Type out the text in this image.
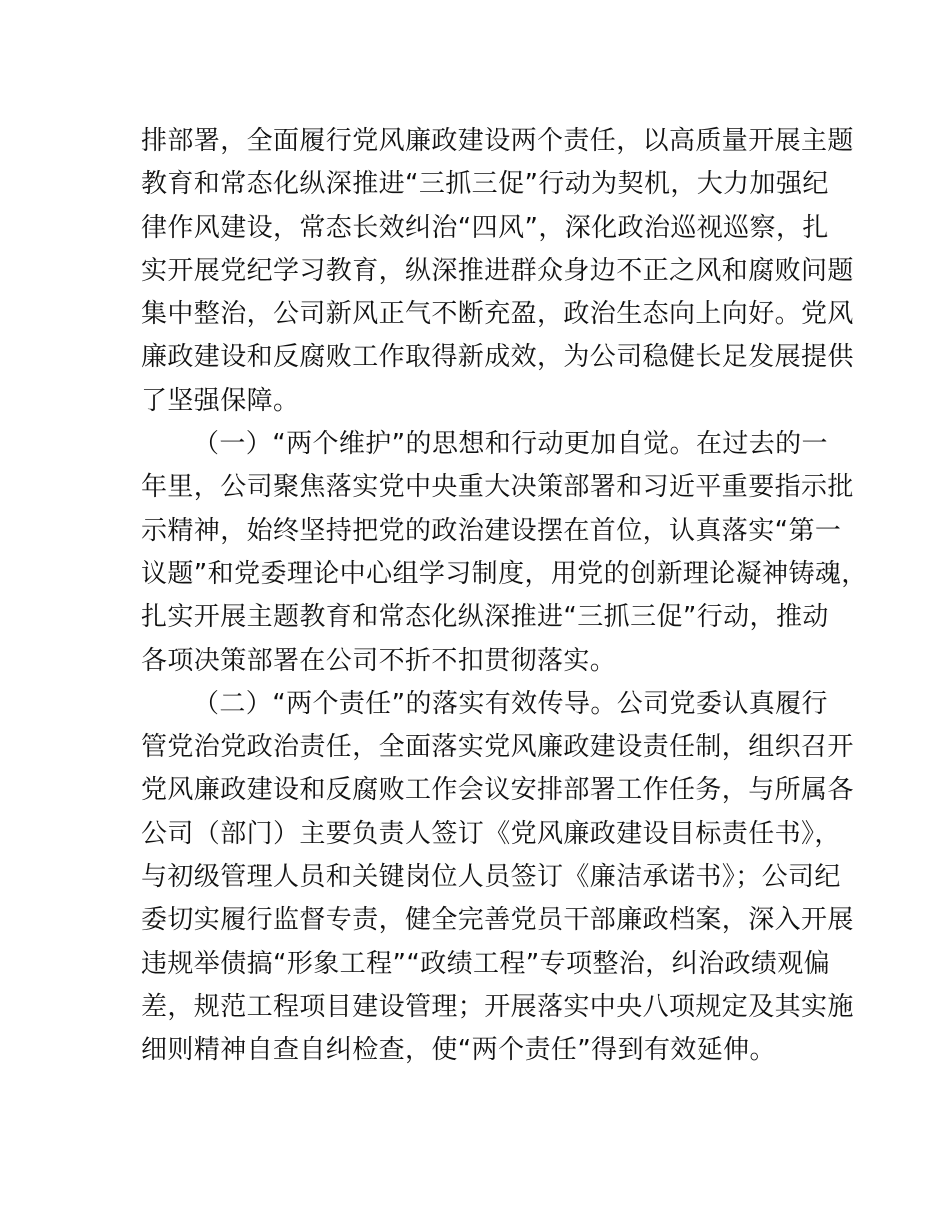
排部署，全面履行党风廉政建设两个责任，以高质量开展主题
教育和常态化纵深推进“三抓三促”行动为契机，大力加强纪
律作风建设，常态长效纠治“四风”，深化政治巡视巡察，扎
实开展党纪学习教育，纵深推进群众身边不正之风和腐败问题
集中整治，公司新风正气不断充盈，政治生态向上向好。党风
廉政建设和反腐败工作取得新成效，为公司稳健长足发展提供
了坚强保障。
（一）“两个维护”的思想和行动更加自觉。在过去的一
年里，公司聚焦落实党中央重大决策部署和习近平重要指示批
示精神，始终坚持把党的政治建设摆在首位，认真落实“第一
议题”和党委理论中心组学习制度，用党的创新理论凝神铸魂，
扎实开展主题教育和常态化纵深推进“三抓三促”行动，推动
各项决策部署在公司不折不扣贯彻落实。
（二）“两个责任”的落实有效传导。公司党委认真履行
管党治党政治责任，全面落实党风廉政建设责任制，组织召开
党风廉政建设和反腐败工作会议安排部署工作任务，与所属各
公司（部门）主要负责人签订《党风廉政建设目标责任书》，
与初级管理人员和关键岗位人员签订《廉洁承诺书》；公司纪
委切实履行监督专责，健全完善党员干部廉政档案，深入开展
违规举债搞“形象工程”“政绩工程”专项整治，纠治政绩观偏
差，规范工程项目建设管理；开展落实中央八项规定及其实施
细则精神自查自纠检查，使“两个责任”得到有效延伸。
